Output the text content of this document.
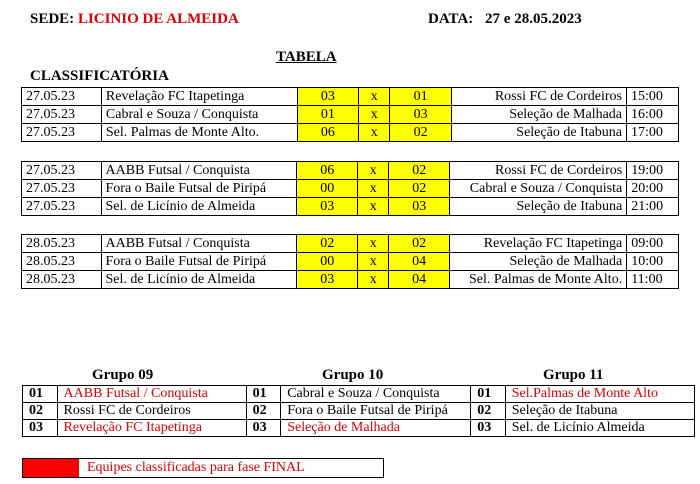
SEDE: LICINIO DE ALMEIDA	DATA: 27 e 28.05.2023
TABELA
CLASSIFICATÓRIA
27.05.23	Revelação FC Itapetinga	03	x	01	Rossi FC de Cordeiros	15:00
27.05.23	Cabral e Souza / Conquista	01	x	03	Seleção de Malhada	16:00
27.05.23	Sel. Palmas de Monte Alto.	06	x	02	Seleção de Itabuna	17:00
27.05.23	AABB Futsal / Conquista	06	x	02	Rossi FC de Cordeiros	19:00
27.05.23	Fora o Baile Futsal de Piripá	00	x	02	Cabral e Souza / Conquista	20:00
27.05.23	Sel. de Licínio de Almeida	03	x	03	Seleção de Itabuna	21:00
28.05.23	AABB Futsal / Conquista	02	x	02	Revelação FC Itapetinga	09:00
28.05.23	Fora o Baile Futsal de Piripá	00	x	04	Seleção de Malhada	10:00
28.05.23	Sel. de Licínio de Almeida	03	x	04	Sel. Palmas de Monte Alto.	11:00
Grupo 09	Grupo 10	Grupo 11
01	AABB Futsal / Conquista	01	Cabral e Souza / Conquista	01	Sel.Palmas de Monte Alto
02	Rossi FC de Cordeiros	02	Fora o Baile Futsal de Piripá	02	Seleção de Itabuna
03	Revelação FC Itapetinga	03	Seleção de Malhada	03	Sel. de Licínio Almeida
Equipes classificadas para fase FINAL
